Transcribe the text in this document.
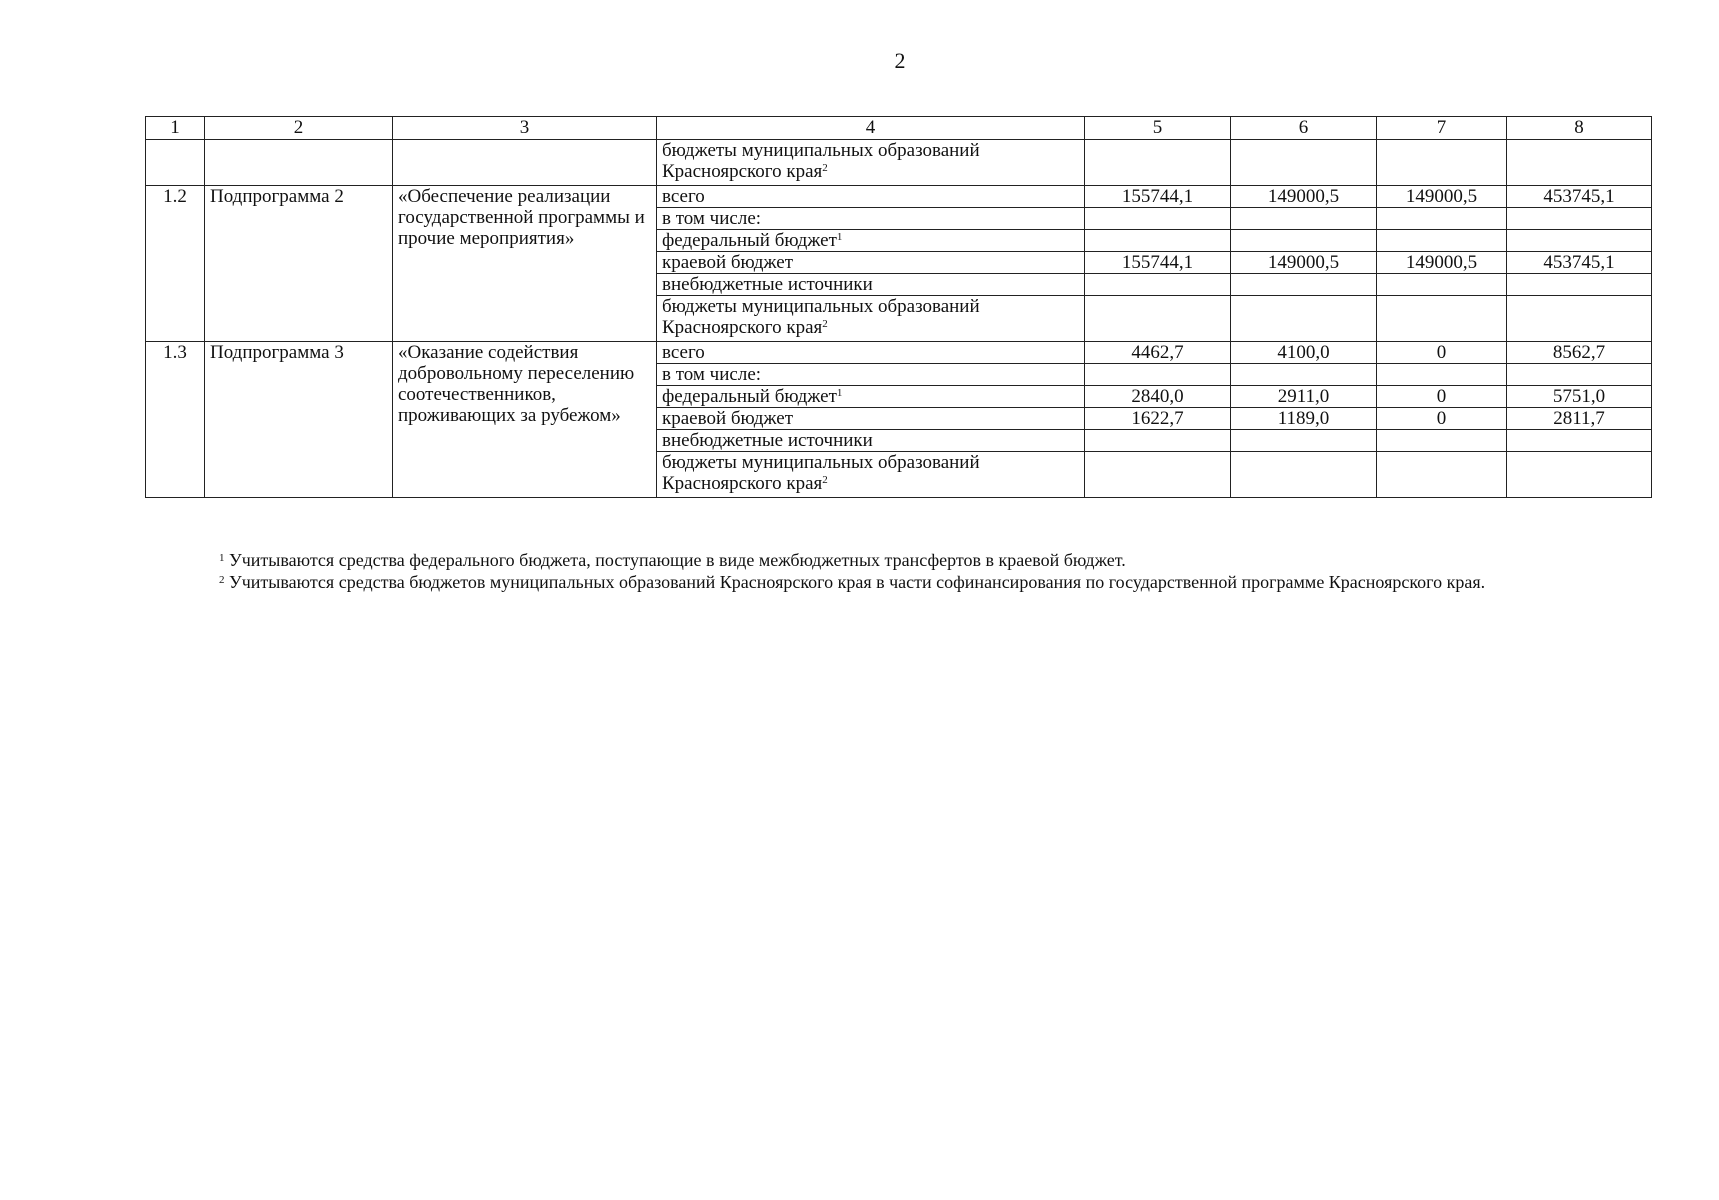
2
1	2	3	4	5	6	7	8
			бюджеты муниципальных образований Красноярского края$^2$				
1.2	Подпрограмма 2	«Обеспечение реализации государственной программы и прочие мероприятия»	всего	155744,1	149000,5	149000,5	453745,1
			в том числе:				
			федеральный бюджет$^1$				
			краевой бюджет	155744,1	149000,5	149000,5	453745,1
			внебюджетные источники				
			бюджеты муниципальных образований Красноярского края$^2$				
1.3	Подпрограмма 3	«Оказание содействия добровольному переселению соотечественников, проживающих за рубежом»	всего	4462,7	4100,0	0	8562,7
			в том числе:				
			федеральный бюджет$^1$	2840,0	2911,0	0	5751,0
			краевой бюджет	1622,7	1189,0	0	2811,7
			внебюджетные источники				
			бюджеты муниципальных образований Красноярского края$^2$				
$^1$ Учитываются средства федерального бюджета, поступающие в виде межбюджетных трансфертов в краевой бюджет.
$^2$ Учитываются средства бюджетов муниципальных образований Красноярского края в части софинансирования по государственной программе Красноярского края.
